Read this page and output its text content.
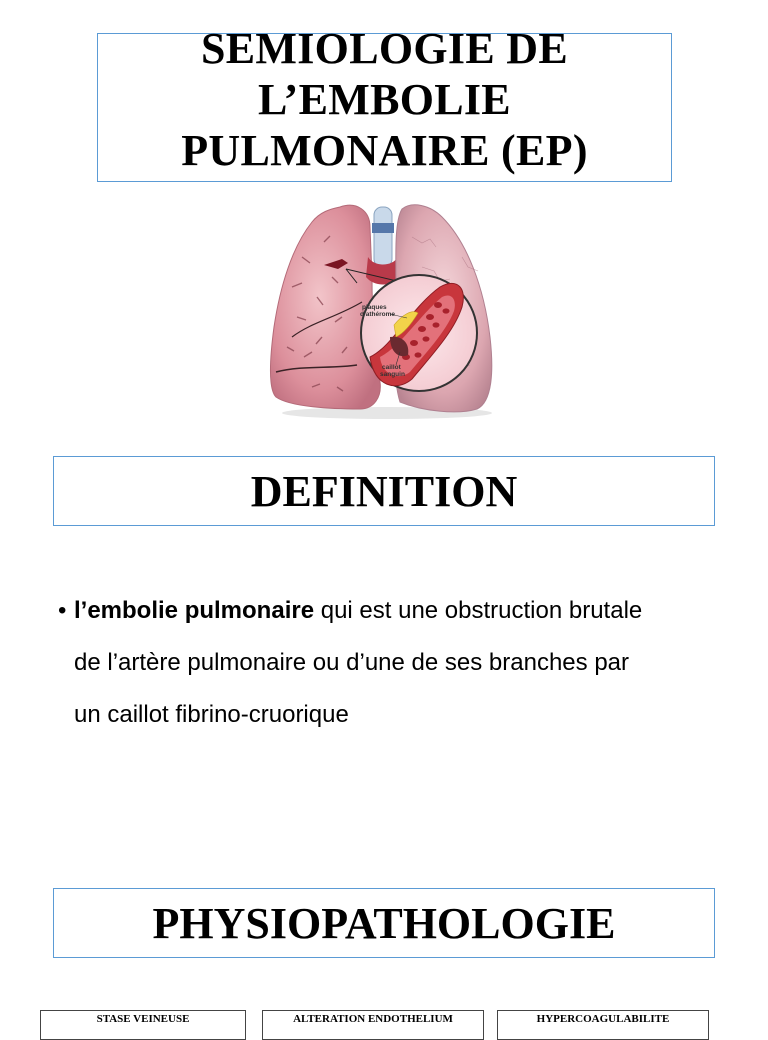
SEMIOLOGIE DE
L’EMBOLIE
PULMONAIRE (EP)
plaques
d’athérome
caillot
sanguin
DEFINITION
• l’embolie pulmonaire qui est une obstruction brutale
de l’artère pulmonaire ou d’une de ses branches par
un caillot fibrino-cruorique
PHYSIOPATHOLOGIE
STASE VEINEUSE	ALTERATION ENDOTHELIUM	HYPERCOAGULABILITE
